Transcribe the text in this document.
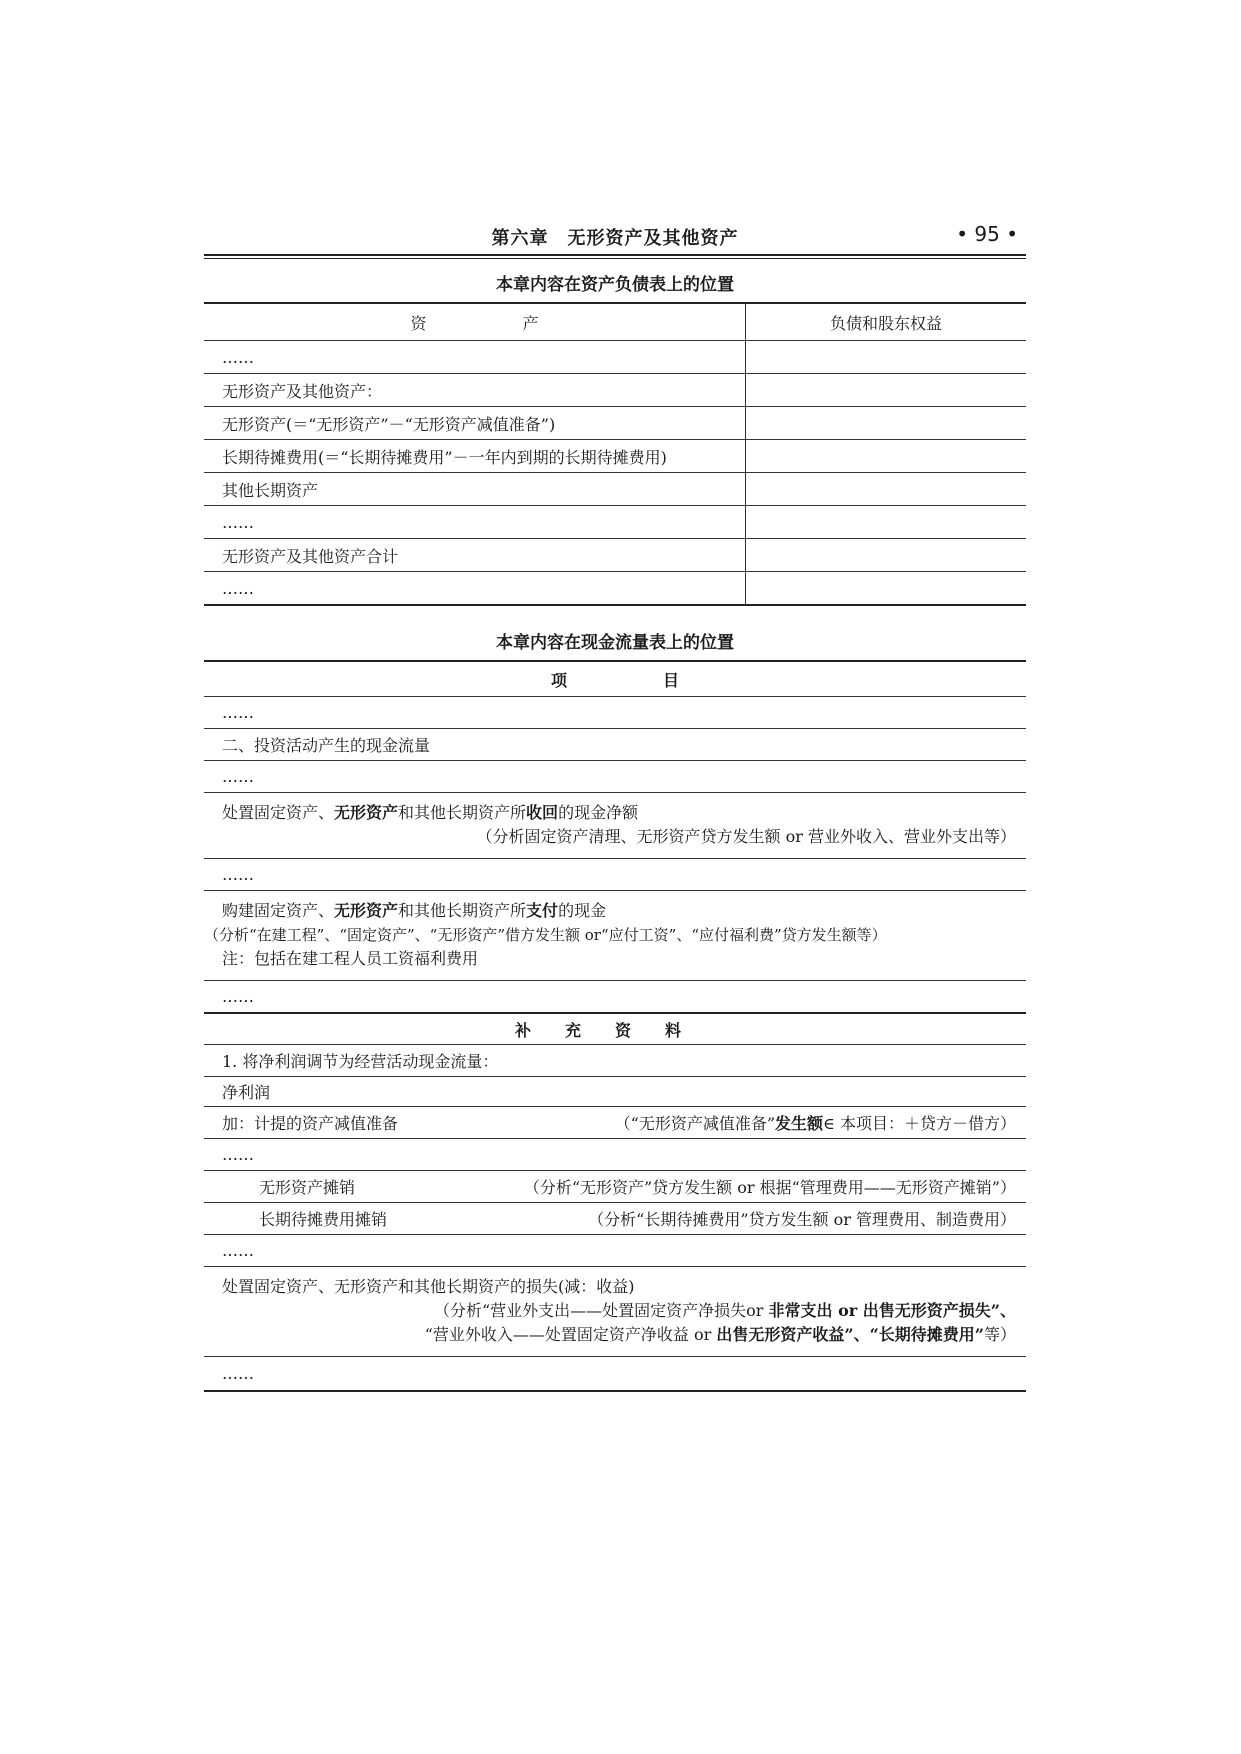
第六章　无形资产及其他资产	• 95 •
本章内容在资产负债表上的位置
资　　　　　　产	负债和股东权益
……	
无形资产及其他资产：	
无形资产(＝“无形资产”－“无形资产减值准备”)	
长期待摊费用(＝“长期待摊费用”－一年内到期的长期待摊费用)	
其他长期资产	
……	
无形资产及其他资产合计	
……	
本章内容在现金流量表上的位置
项　　　　　　目
……
二、投资活动产生的现金流量
……
处置固定资产、无形资产和其他长期资产所收回的现金净额
（分析固定资产清理、无形资产贷方发生额 or 营业外收入、营业外支出等）
……
购建固定资产、无形资产和其他长期资产所支付的现金
（分析“在建工程”、“固定资产”、“无形资产”借方发生额 or“应付工资”、“应付福利费”贷方发生额等）
注：包括在建工程人员工资福利费用
……
补充资料
1. 将净利润调节为经营活动现金流量：
净利润
加：计提的资产减值准备	（“无形资产减值准备”发生额∈ 本项目：＋贷方－借方）
……
无形资产摊销	（分析“无形资产”贷方发生额 or 根据“管理费用——无形资产摊销”）
长期待摊费用摊销	（分析“长期待摊费用”贷方发生额 or 管理费用、制造费用）
……
处置固定资产、无形资产和其他长期资产的损失(减：收益)
（分析“营业外支出——处置固定资产净损失or 非常支出 or 出售无形资产损失”、
“营业外收入——处置固定资产净收益 or 出售无形资产收益”、“长期待摊费用”等）
……
